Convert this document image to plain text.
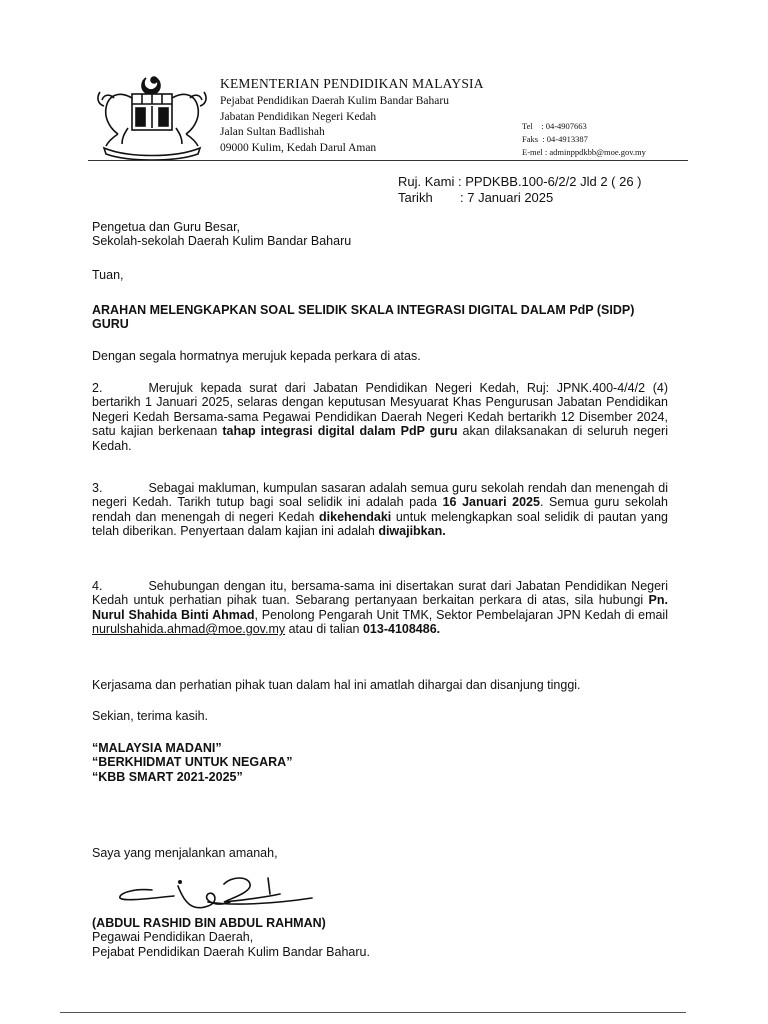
KEMENTERIAN PENDIDIKAN MALAYSIA
Pejabat Pendidikan Daerah Kulim Bandar Baharu
Jabatan Pendidikan Negeri Kedah
Jalan Sultan Badlishah
09000 Kulim, Kedah Darul Aman
Tel    : 04-4907663
Faks  : 04-4913387
E-mel : adminppdkbb@moe.gov.my
Ruj. Kami :
PPDKBB.100-6/2/2 Jld 2 ( 26 )
Tarikh	: 7 Januari 2025
Pengetua dan Guru Besar,
Sekolah-sekolah Daerah Kulim Bandar Baharu
Tuan,
ARAHAN MELENGKAPKAN SOAL SELIDIK SKALA INTEGRASI DIGITAL DALAM PdP (SIDP) GURU
Dengan segala hormatnya merujuk kepada perkara di atas.
2.	Merujuk kepada surat dari Jabatan Pendidikan Negeri Kedah, Ruj: JPNK.400-4/4/2 (4) bertarikh 1 Januari 2025, selaras dengan keputusan Mesyuarat Khas Pengurusan Jabatan Pendidikan Negeri Kedah Bersama-sama Pegawai Pendidikan Daerah Negeri Kedah bertarikh 12 Disember 2024, satu kajian berkenaan tahap integrasi digital dalam PdP guru akan dilaksanakan di seluruh negeri Kedah.
3.	Sebagai makluman, kumpulan sasaran adalah semua guru sekolah rendah dan menengah di negeri Kedah. Tarikh tutup bagi soal selidik ini adalah pada 16 Januari 2025. Semua guru sekolah rendah dan menengah di negeri Kedah dikehendaki untuk melengkapkan soal selidik di pautan yang telah diberikan. Penyertaan dalam kajian ini adalah diwajibkan.
4.	Sehubungan dengan itu, bersama-sama ini disertakan surat dari Jabatan Pendidikan Negeri Kedah untuk perhatian pihak tuan. Sebarang pertanyaan berkaitan perkara di atas, sila hubungi Pn. Nurul Shahida Binti Ahmad, Penolong Pengarah Unit TMK, Sektor Pembelajaran JPN Kedah di email nurulshahida.ahmad@moe.gov.my atau di talian 013-4108486.
Kerjasama dan perhatian pihak tuan dalam hal ini amatlah dihargai dan disanjung tinggi.
Sekian, terima kasih.
“MALAYSIA MADANI”
“BERKHIDMAT UNTUK NEGARA”
“KBB SMART 2021-2025”
Saya yang menjalankan amanah,
(ABDUL RASHID BIN ABDUL RAHMAN)
Pegawai Pendidikan Daerah,
Pejabat Pendidikan Daerah Kulim Bandar Baharu.
